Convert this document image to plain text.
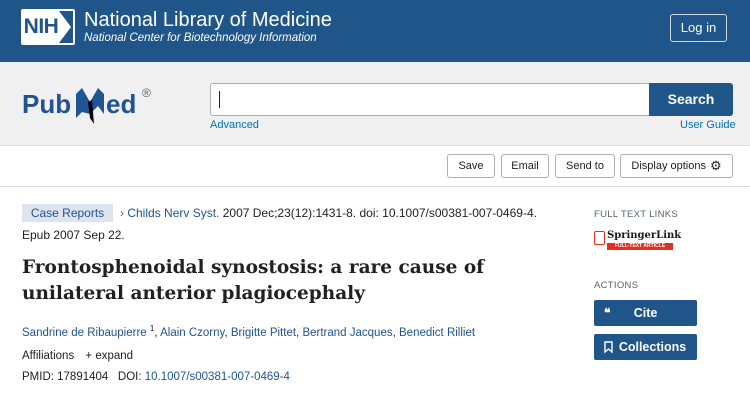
NIH National Library of Medicine
National Center for Biotechnology Information
Log in
Pub ed ®	Search
Advanced	User Guide
Save	Email	Send to	Display options ⚙
Case Reports	› Childs Nerv Syst. 2007 Dec;23(12):1431-8. doi: 10.1007/s00381-007-0469-4.
Epub 2007 Sep 22.
Frontosphenoidal synostosis: a rare cause of
unilateral anterior plagiocephaly
Sandrine de Ribaupierre $^1$, Alain Czorny, Brigitte Pittet, Bertrand Jacques, Benedict Rilliet
Affiliations + expand
PMID: 17891404 DOI: 10.1007/s00381-007-0469-4
FULL TEXT LINKS
SpringerLink
FULL-TEXT ARTICLE
ACTIONS
❝	Cite
Collections
